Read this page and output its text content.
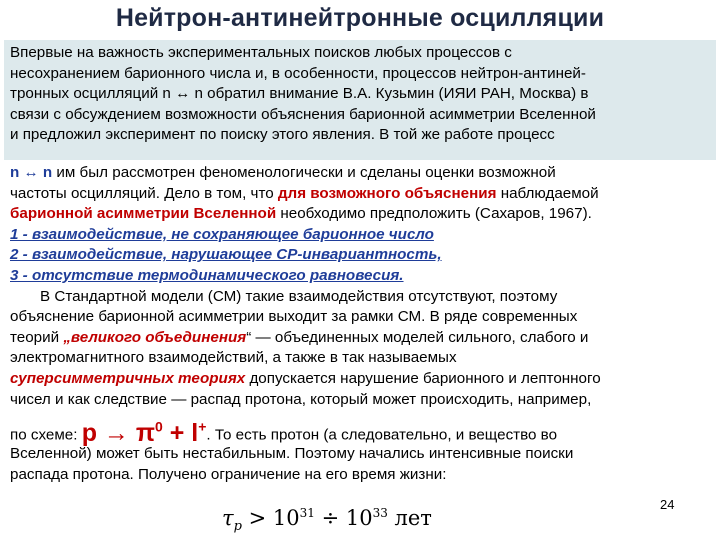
Нейтрон-антинейтронные осцилляции
Впервые на важность экспериментальных поисков любых процессов с
несохранением барионного числа и, в особенности, процессов нейтрон-антиней-
тронных осцилляций n ↔ n обратил внимание В.А. Кузьмин (ИЯИ РАН, Москва) в
связи с обсуждением возможности объяснения барионной асимметрии Вселенной
и предложил эксперимент по поиску этого явления. В той же работе процесс
n ↔ n им был рассмотрен феноменологически и сделаны оценки возможной
частоты осцилляций. Дело в том, что для возможного объяснения наблюдаемой
барионной асимметрии Вселенной необходимо предположить (Сахаров, 1967).
1 - взаимодействие, не сохраняющее барионное число
2 - взаимодействие, нарушающее CP-инвариантность,
3 - отсутствие термодинамического равновесия.
В Стандартной модели (СМ) такие взаимодействия отсутствуют, поэтому
объяснение барионной асимметрии выходит за рамки СМ. В ряде современных
теорий „великого объединения“ — объединенных моделей сильного, слабого и
электромагнитного взаимодействий, а также в так называемых
суперсимметричных теориях допускается нарушение барионного и лептонного
чисел и как следствие — распад протона, который может происходить, например,
по схеме: $p \to \pi^0 + l^+$. То есть протон (а следовательно, и вещество во
Вселенной) может быть нестабильным. Поэтому начались интенсивные поиски
распада протона. Получено ограничение на его время жизни:
24
$\tau_p > 10^{31} \div 10^{33}$ лет
